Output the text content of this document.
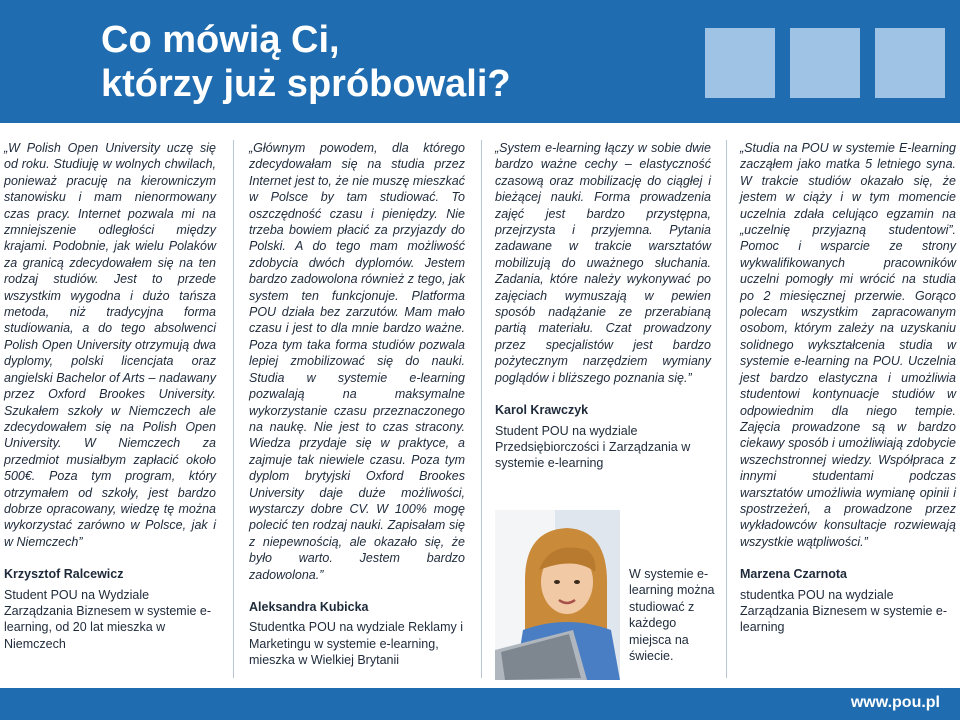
Co mówią Ci,
którzy już spróbowali?

„W Polish Open University uczę się od roku. Studiuję w wolnych chwilach, ponieważ pracuję na kierowniczym stanowisku i mam nienormowany czas pracy. Internet pozwala mi na zmniejszenie odległości między krajami. Podobnie, jak wielu Polaków za granicą zdecydowałem się na ten rodzaj studiów. Jest to przede wszystkim wygodna i dużo tańsza metoda, niż tradycyjna forma studiowania, a do tego absolwenci Polish Open University otrzymują dwa dyplomy, polski licencjata oraz angielski Bachelor of Arts – nadawany przez Oxford Brookes University. Szukałem szkoły w Niemczech ale zdecydowałem się na Polish Open University. W Niemczech za przedmiot musiałbym zapłacić około 500€. Poza tym program, który otrzymałem od szkoły, jest bardzo dobrze opracowany, wiedzę tę można wykorzystać zarówno w Polsce, jak i w Niemczech”

Krzysztof Ralcewicz

Student POU na Wydziale Zarządzania Biznesem w systemie e-learning, od 20 lat mieszka w Niemczech

„Głównym powodem, dla którego zdecydowałam się na studia przez Internet jest to, że nie muszę mieszkać w Polsce by tam studiować. To oszczędność czasu i pieniędzy. Nie trzeba bowiem płacić za przyjazdy do Polski. A do tego mam możliwość zdobycia dwóch dyplomów. Jestem bardzo zadowolona również z tego, jak system ten funkcjonuje. Platforma POU działa bez zarzutów. Mam mało czasu i jest to dla mnie bardzo ważne. Poza tym taka forma studiów pozwala lepiej zmobilizować się do nauki. Studia w systemie e-learning pozwalają na maksymalne wykorzystanie czasu przeznaczonego na naukę. Nie jest to czas stracony. Wiedza przydaje się w praktyce, a zajmuje tak niewiele czasu. Poza tym dyplom brytyjski Oxford Brookes University daje duże możliwości, wystarczy dobre CV. W 100% mogę polecić ten rodzaj nauki. Zapisałam się z niepewnością, ale okazało się, że było warto. Jestem bardzo zadowolona.”

Aleksandra Kubicka

Studentka POU na wydziale Reklamy i Marketingu w systemie e-learning, mieszka w Wielkiej Brytanii

„System e-learning łączy w sobie dwie bardzo ważne cechy – elastyczność czasową oraz mobilizację do ciągłej i bieżącej nauki. Forma prowadzenia zajęć jest bardzo przystępna, przejrzysta i przyjemna. Pytania zadawane w trakcie warsztatów mobilizują do uważnego słuchania. Zadania, które należy wykonywać po zajęciach wymuszają w pewien sposób nadążanie ze przerabianą partią materiału. Czat prowadzony przez specjalistów jest bardzo pożytecznym narzędziem wymiany poglądów i bliższego poznania się.”

Karol Krawczyk

Student POU na wydziale Przedsiębiorczości i Zarządzania w systemie e-learning

W systemie e-learning można studiować z każdego miejsca na świecie.

„Studia na POU w systemie E-learning zacząłem jako matka 5 letniego syna. W trakcie studiów okazało się, że jestem w ciąży i w tym momencie uczelnia zdała celująco egzamin na „uczelnię przyjazną studentowi”. Pomoc i wsparcie ze strony wykwalifikowanych pracowników uczelni pomogły mi wrócić na studia po 2 miesięcznej przerwie. Gorąco polecam wszystkim zapracowanym osobom, którym zależy na uzyskaniu solidnego wykształcenia studia w systemie e-learning na POU. Uczelnia jest bardzo elastyczna i umożliwia studentowi kontynuacje studiów w odpowiednim dla niego tempie. Zajęcia prowadzone są w bardzo ciekawy sposób i umożliwiają zdobycie wszechstronnej wiedzy. Współpraca z innymi studentami podczas warsztatów umożliwia wymianę opinii i spostrzeżeń, a prowadzone przez wykładowców konsultacje rozwiewają wszystkie wątpliwości.”

Marzena Czarnota

studentka POU na wydziale Zarządzania Biznesem w systemie e-learning

www.pou.pl
